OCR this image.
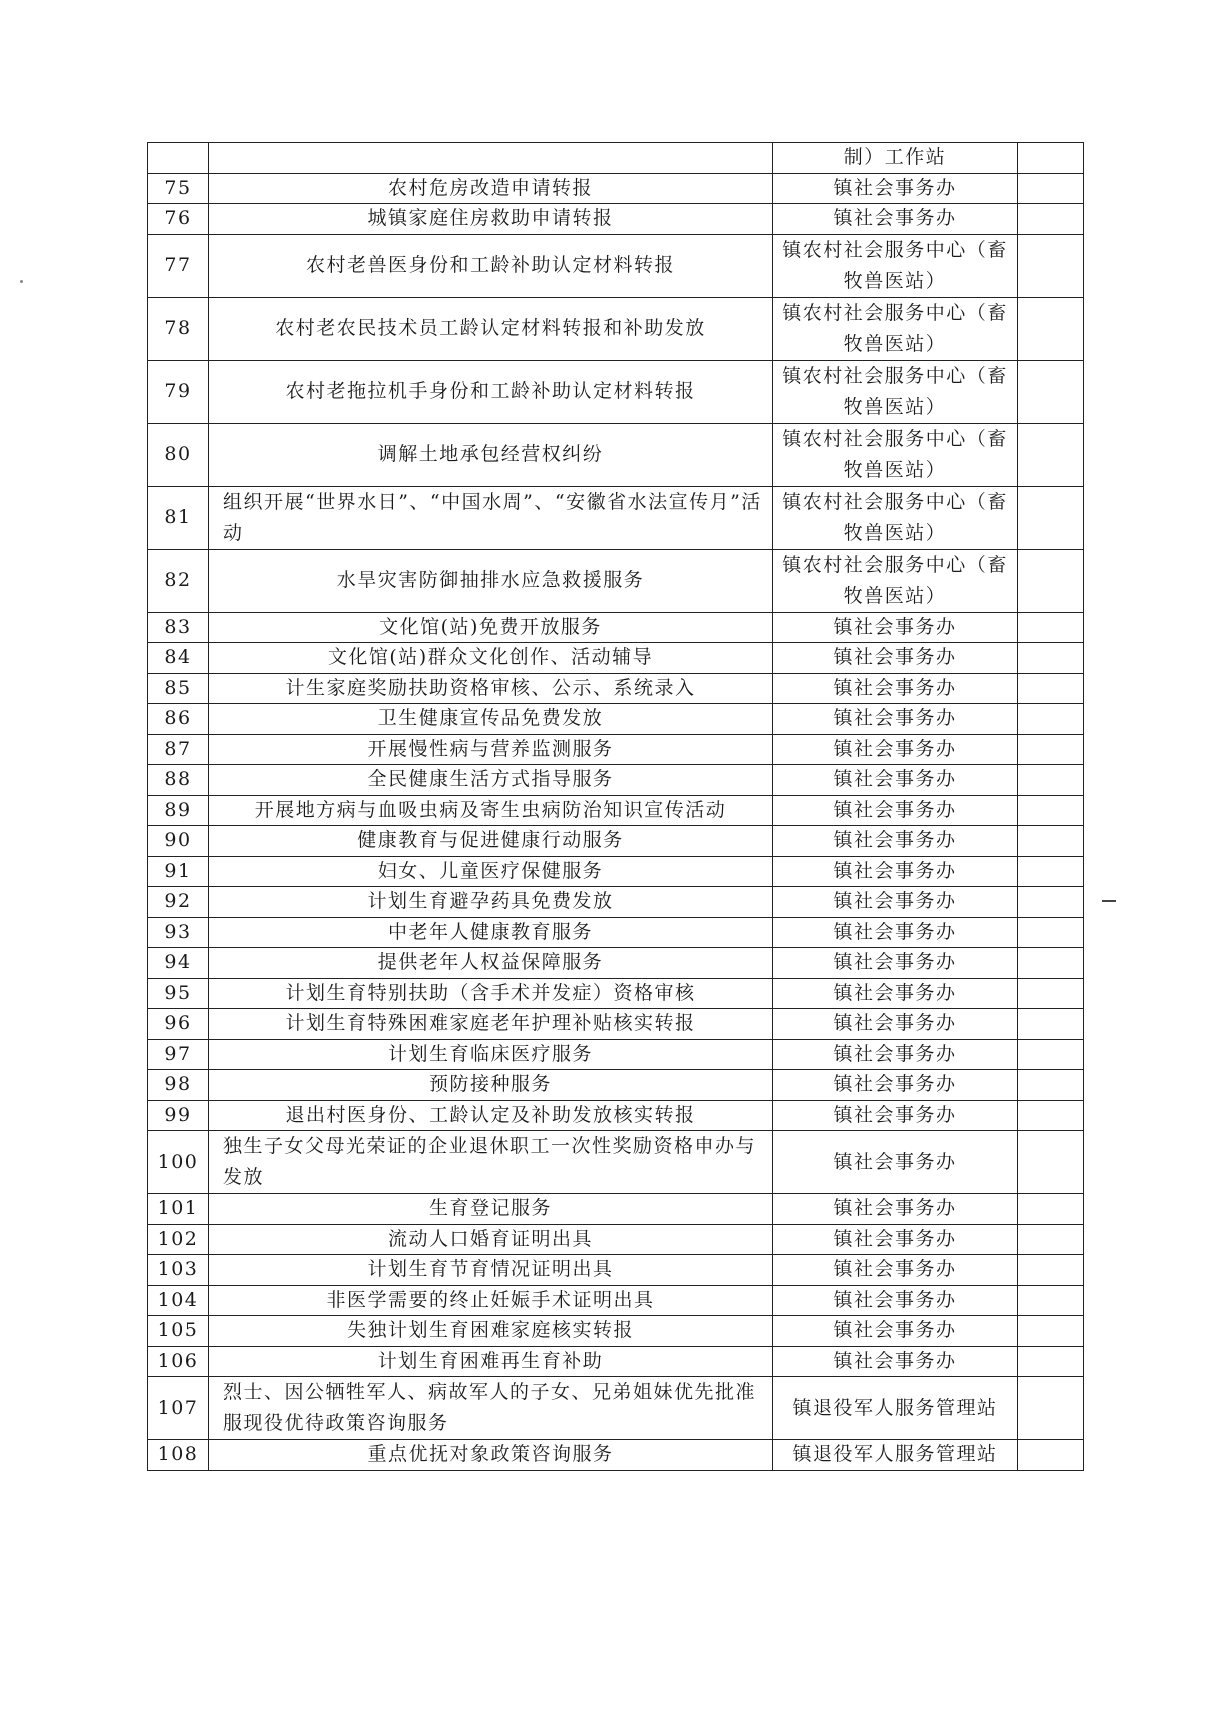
		制）工作站	
75	农村危房改造申请转报	镇社会事务办	
76	城镇家庭住房救助申请转报	镇社会事务办	
77	农村老兽医身份和工龄补助认定材料转报	镇农村社会服务中心（畜牧兽医站）	
78	农村老农民技术员工龄认定材料转报和补助发放	镇农村社会服务中心（畜牧兽医站）	
79	农村老拖拉机手身份和工龄补助认定材料转报	镇农村社会服务中心（畜牧兽医站）	
80	调解土地承包经营权纠纷	镇农村社会服务中心（畜牧兽医站）	
81	组织开展“世界水日”、“中国水周”、“安徽省水法宣传月”活动	镇农村社会服务中心（畜牧兽医站）	
82	水旱灾害防御抽排水应急救援服务	镇农村社会服务中心（畜牧兽医站）	
83	文化馆(站)免费开放服务	镇社会事务办	
84	文化馆(站)群众文化创作、活动辅导	镇社会事务办	
85	计生家庭奖励扶助资格审核、公示、系统录入	镇社会事务办	
86	卫生健康宣传品免费发放	镇社会事务办	
87	开展慢性病与营养监测服务	镇社会事务办	
88	全民健康生活方式指导服务	镇社会事务办	
89	开展地方病与血吸虫病及寄生虫病防治知识宣传活动	镇社会事务办	
90	健康教育与促进健康行动服务	镇社会事务办	
91	妇女、儿童医疗保健服务	镇社会事务办	
92	计划生育避孕药具免费发放	镇社会事务办	
93	中老年人健康教育服务	镇社会事务办	
94	提供老年人权益保障服务	镇社会事务办	
95	计划生育特别扶助（含手术并发症）资格审核	镇社会事务办	
96	计划生育特殊困难家庭老年护理补贴核实转报	镇社会事务办	
97	计划生育临床医疗服务	镇社会事务办	
98	预防接种服务	镇社会事务办	
99	退出村医身份、工龄认定及补助发放核实转报	镇社会事务办	
100	独生子女父母光荣证的企业退休职工一次性奖励资格申办与发放	镇社会事务办	
101	生育登记服务	镇社会事务办	
102	流动人口婚育证明出具	镇社会事务办	
103	计划生育节育情况证明出具	镇社会事务办	
104	非医学需要的终止妊娠手术证明出具	镇社会事务办	
105	失独计划生育困难家庭核实转报	镇社会事务办	
106	计划生育困难再生育补助	镇社会事务办	
107	烈士、因公牺牲军人、病故军人的子女、兄弟姐妹优先批准服现役优待政策咨询服务	镇退役军人服务管理站	
108	重点优抚对象政策咨询服务	镇退役军人服务管理站	
